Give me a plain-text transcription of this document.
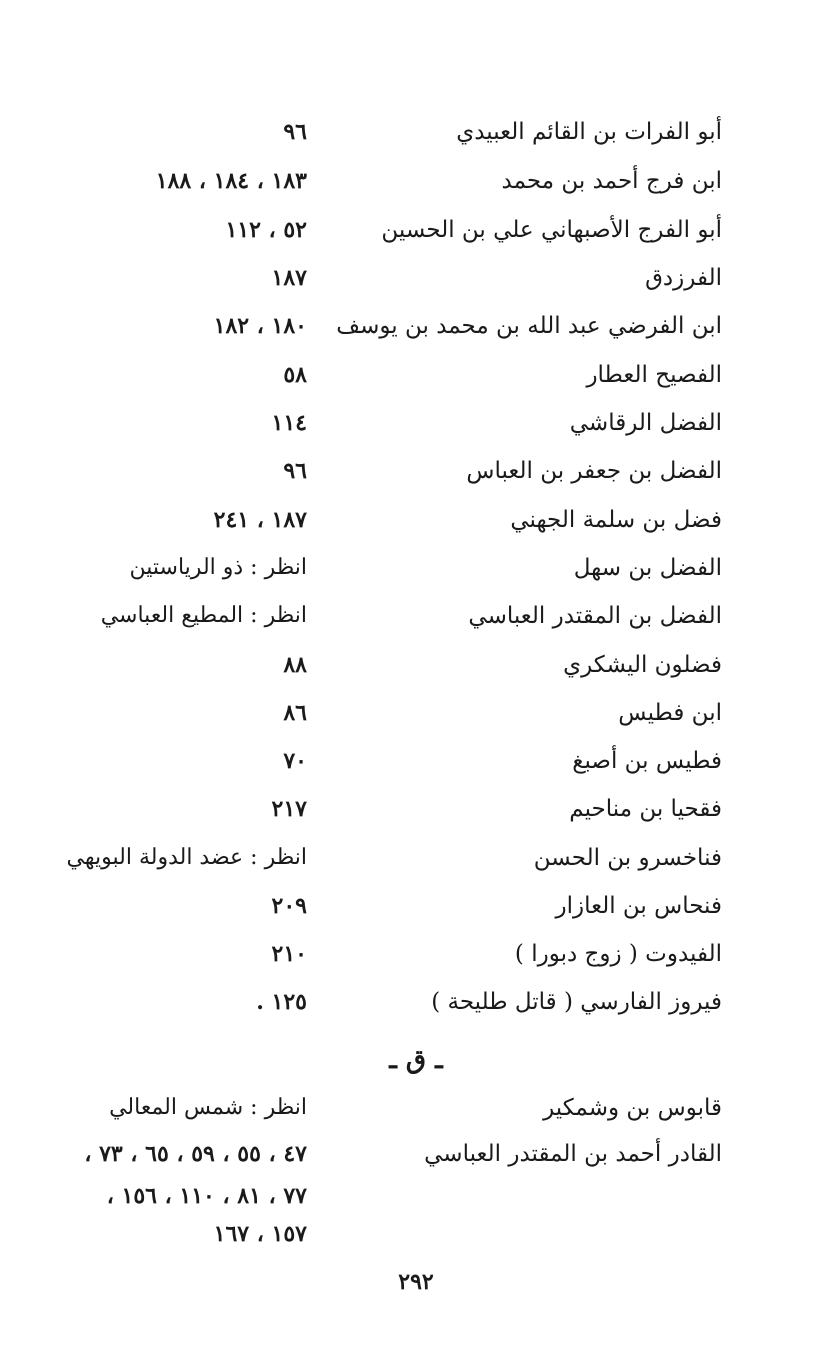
أبو الفرات بن القائم العبيدي
٩٦
ابن فرج أحمد بن محمد
١٨٣ ، ١٨٤ ، ١٨٨
أبو الفرج الأصبهاني علي بن الحسين
٥٢ ، ١١٢
الفرزدق
١٨٧
ابن الفرضي عبد الله بن محمد بن يوسف
١٨٠ ، ١٨٢
الفصيح العطار
٥٨
الفضل الرقاشي
١١٤
الفضل بن جعفر بن العباس
٩٦
فضل بن سلمة الجهني
١٨٧ ، ٢٤١
الفضل بن سهل
انظر : ذو الرياستين
الفضل بن المقتدر العباسي
انظر : المطيع العباسي
فضلون اليشكري
٨٨
ابن فطيس
٨٦
فطيس بن أصبغ
٧٠
فقحيا بن مناحيم
٢١٧
فناخسرو بن الحسن
انظر : عضد الدولة البويهي
فنحاس بن العازار
٢٠٩
الفيدوت ( زوج دبورا )
٢١٠
فيروز الفارسي ( قاتل طليحة )
١٢٥ .
ـ ق ـ
قابوس بن وشمكير
انظر : شمس المعالي
القادر أحمد بن المقتدر العباسي
٤٧ ، ٥٥ ، ٥٩ ، ٦٥ ، ٧٣ ،
٧٧ ، ٨١ ، ١١٠ ، ١٥٦ ،
١٥٧ ، ١٦٧
٢٩٢
